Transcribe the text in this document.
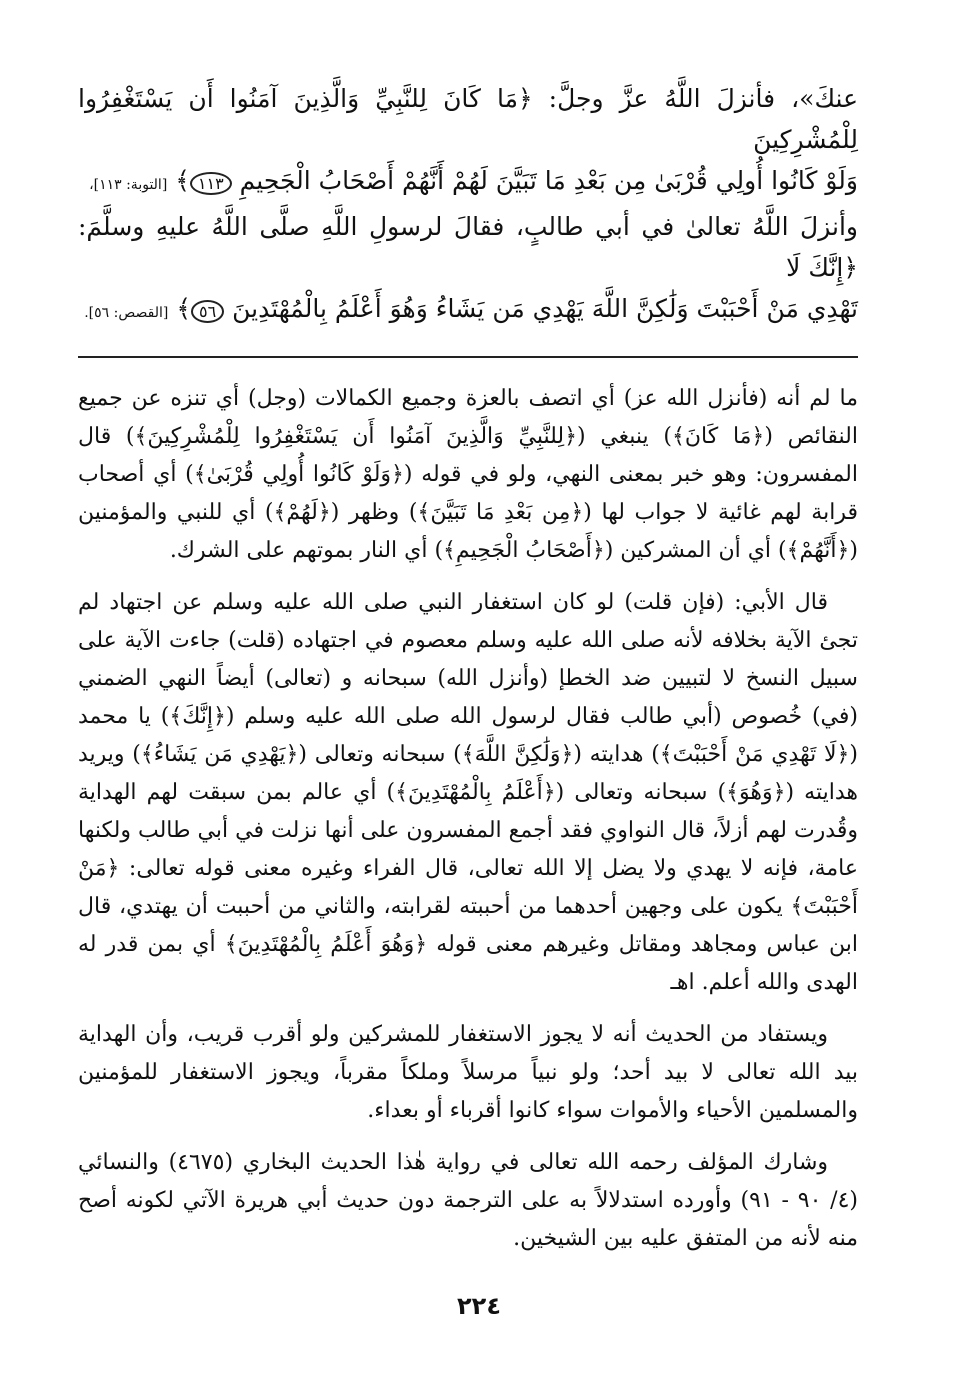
عنكَ»، فأنزلَ اللَّهُ عزَّ وجلَّ: ﴿مَا كَانَ لِلنَّبِيِّ وَالَّذِينَ آمَنُوا أَن يَسْتَغْفِرُوا لِلْمُشْرِكِينَ

وَلَوْ كَانُوا أُولِي قُرْبَىٰ مِن بَعْدِ مَا تَبَيَّنَ لَهُمْ أَنَّهُمْ أَصْحَابُ الْجَحِيمِ ١١٣﴾ [التوبة: ١١٣]،

وأنزلَ اللَّهُ تعالىٰ في أبي طالبٍ، فقالَ لرسولِ اللَّهِ صلَّى اللَّهُ عليهِ وسلَّمَ: ﴿إِنَّكَ لَا

تَهْدِي مَنْ أَحْبَبْتَ وَلَٰكِنَّ اللَّهَ يَهْدِي مَن يَشَاءُ وَهُوَ أَعْلَمُ بِالْمُهْتَدِينَ ٥٦﴾ [القصص: ٥٦].

ما لم أنه (فأنزل الله عز) أي اتصف بالعزة وجميع الكمالات (وجل) أي تنزه عن جميع النقائص (﴿مَا كَانَ﴾) ينبغي (﴿لِلنَّبِيِّ وَالَّذِينَ آمَنُوا أَن يَسْتَغْفِرُوا لِلْمُشْرِكِينَ﴾) قال المفسرون: وهو خبر بمعنى النهي، ولو في قوله (﴿وَلَوْ كَانُوا أُولِي قُرْبَىٰ﴾) أي أصحاب قرابة لهم غائية لا جواب لها (﴿مِن بَعْدِ مَا تَبَيَّنَ﴾) وظهر (﴿لَهُمْ﴾) أي للنبي والمؤمنين (﴿أَنَّهُمْ﴾) أي أن المشركين (﴿أَصْحَابُ الْجَحِيمِ﴾) أي النار بموتهم على الشرك.

قال الأبي: (فإن قلت) لو كان استغفار النبي صلى الله عليه وسلم عن اجتهاد لم تجئ الآية بخلافه لأنه صلى الله عليه وسلم معصوم في اجتهاده (قلت) جاءت الآية على سبيل النسخ لا لتبيين ضد الخطإ (وأنزل الله) سبحانه و (تعالى) أيضاً النهي الضمني (في) خُصوص (أبي طالب فقال لرسول الله صلى الله عليه وسلم (﴿إِنَّكَ﴾) يا محمد (﴿لَا تَهْدِي مَنْ أَحْبَبْتَ﴾) هدايته (﴿وَلَٰكِنَّ اللَّهَ﴾) سبحانه وتعالى (﴿يَهْدِي مَن يَشَاءُ﴾) ويريد هدايته (﴿وَهُوَ﴾) سبحانه وتعالى (﴿أَعْلَمُ بِالْمُهْتَدِينَ﴾) أي عالم بمن سبقت لهم الهداية وقُدرت لهم أزلاً، قال النواوي فقد أجمع المفسرون على أنها نزلت في أبي طالب ولكنها عامة، فإنه لا يهدي ولا يضل إلا الله تعالى، قال الفراء وغيره معنى قوله تعالى: ﴿مَنْ أَحْبَبْتَ﴾ يكون على وجهين أحدهما من أحببته لقرابته، والثاني من أحببت أن يهتدي، قال ابن عباس ومجاهد ومقاتل وغيرهم معنى قوله ﴿وَهُوَ أَعْلَمُ بِالْمُهْتَدِينَ﴾ أي بمن قدر له الهدى والله أعلم. اهـ

ويستفاد من الحديث أنه لا يجوز الاستغفار للمشركين ولو أقرب قريب، وأن الهداية بيد الله تعالى لا بيد أحد؛ ولو نبياً مرسلاً وملكاً مقرباً، ويجوز الاستغفار للمؤمنين والمسلمين الأحياء والأموات سواء كانوا أقرباء أو بعداء.

وشارك المؤلف رحمه الله تعالى في رواية هٰذا الحديث البخاري (٤٦٧٥) والنسائي (٤/ ٩٠ - ٩١) وأورده استدلالاً به على الترجمة دون حديث أبي هريرة الآتي لكونه أصح منه لأنه من المتفق عليه بين الشيخين.

٢٢٤
